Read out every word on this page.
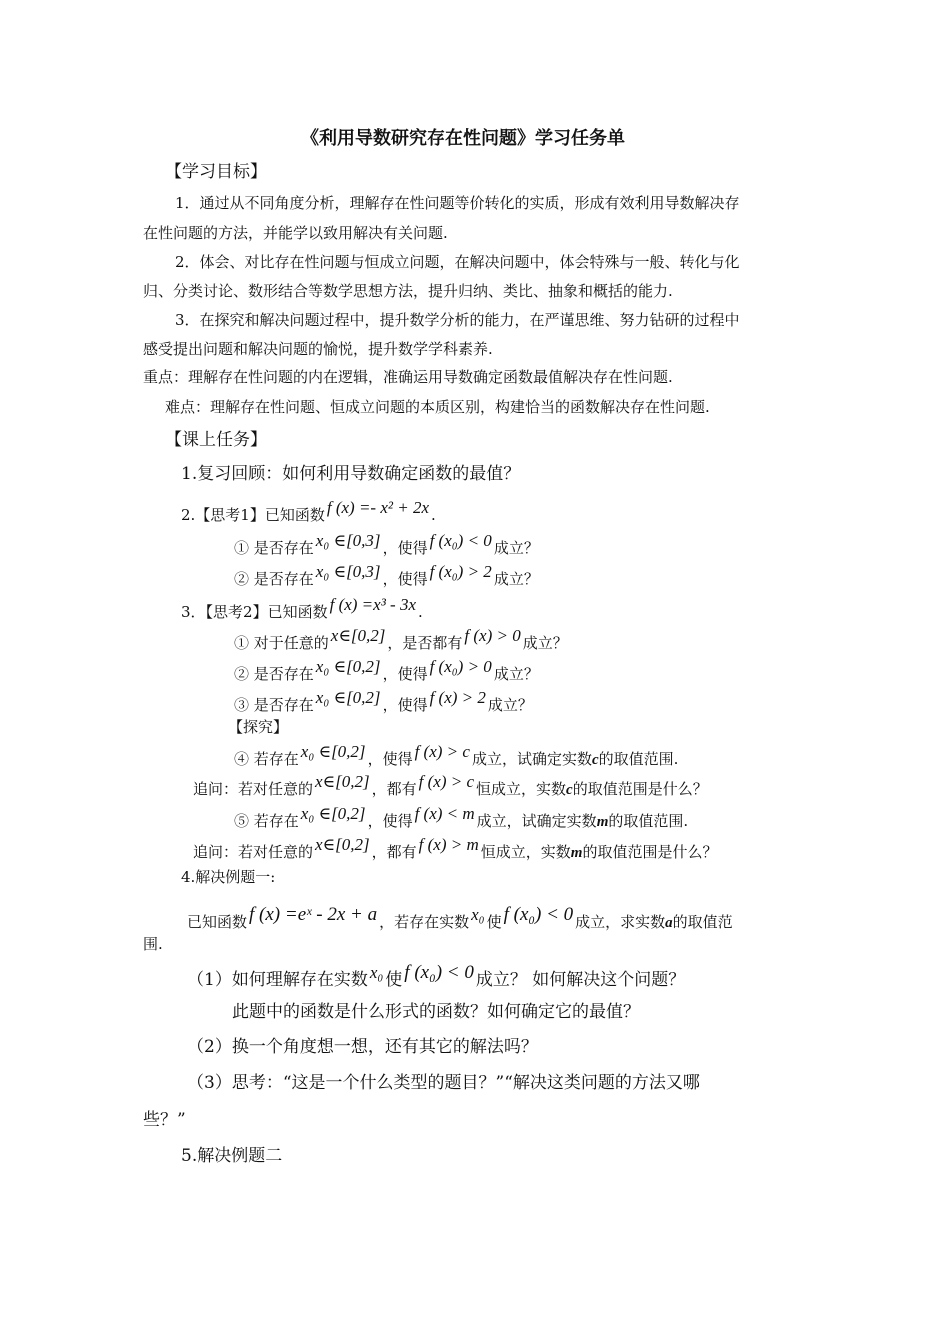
《利用导数研究存在性问题》学习任务单
【学习目标】
1．通过从不同角度分析，理解存在性问题等价转化的实质，形成有效利用导数解决存
在性问题的方法，并能学以致用解决有关问题.
2．体会、对比存在性问题与恒成立问题，在解决问题中，体会特殊与一般、转化与化
归、分类讨论、数形结合等数学思想方法，提升归纳、类比、抽象和概括的能力.
3．在探究和解决问题过程中，提升数学分析的能力，在严谨思维、努力钻研的过程中
感受提出问题和解决问题的愉悦，提升数学学科素养.
重点：理解存在性问题的内在逻辑，准确运用导数确定函数最值解决存在性问题.
难点：理解存在性问题、恒成立问题的本质区别，构建恰当的函数解决存在性问题.
【课上任务】
1.复习回顾：如何利用导数确定函数的最值？
2.【思考1】已知函数 f (x) =- x² + 2x .
① 是否存在 x₀ ∈[0,3] ，使得 f (x₀) < 0 成立？
② 是否存在 x₀ ∈[0,3] ，使得 f (x₀) > 2 成立？
3．【思考2】已知函数 f (x) =x³ - 3x .
① 对于任意的 x∈[0,2] ，是否都有 f (x) > 0 成立？
② 是否存在 x₀ ∈[0,2] ，使得 f (x₀) > 0 成立？
③ 是否存在 x₀ ∈[0,2] ，使得 f (x) > 2 成立？
【探究】
④ 若存在 x₀ ∈[0,2] ，使得 f (x) > c 成立，试确定实数c的取值范围.
追问：若对任意的 x∈[0,2] ，都有 f (x) > c 恒成立，实数c的取值范围是什么？
⑤ 若存在 x₀ ∈[0,2] ，使得 f (x) < m 成立，试确定实数m的取值范围.
追问：若对任意的 x∈[0,2] ，都有 f (x) > m 恒成立，实数m的取值范围是什么？
4.解决例题一:
已知函数 f (x) =eˣ - 2x + a ，若存在实数 x₀ 使 f (x₀) < 0 成立，求实数a的取值范
围.
（1）如何理解存在实数 x₀ 使 f (x₀) < 0 成立？ 如何解决这个问题？
此题中的函数是什么形式的函数？如何确定它的最值？
（2）换一个角度想一想，还有其它的解法吗？
（3）思考：“这是一个什么类型的题目？”“解决这类问题的方法又哪
些？”
5.解决例题二
